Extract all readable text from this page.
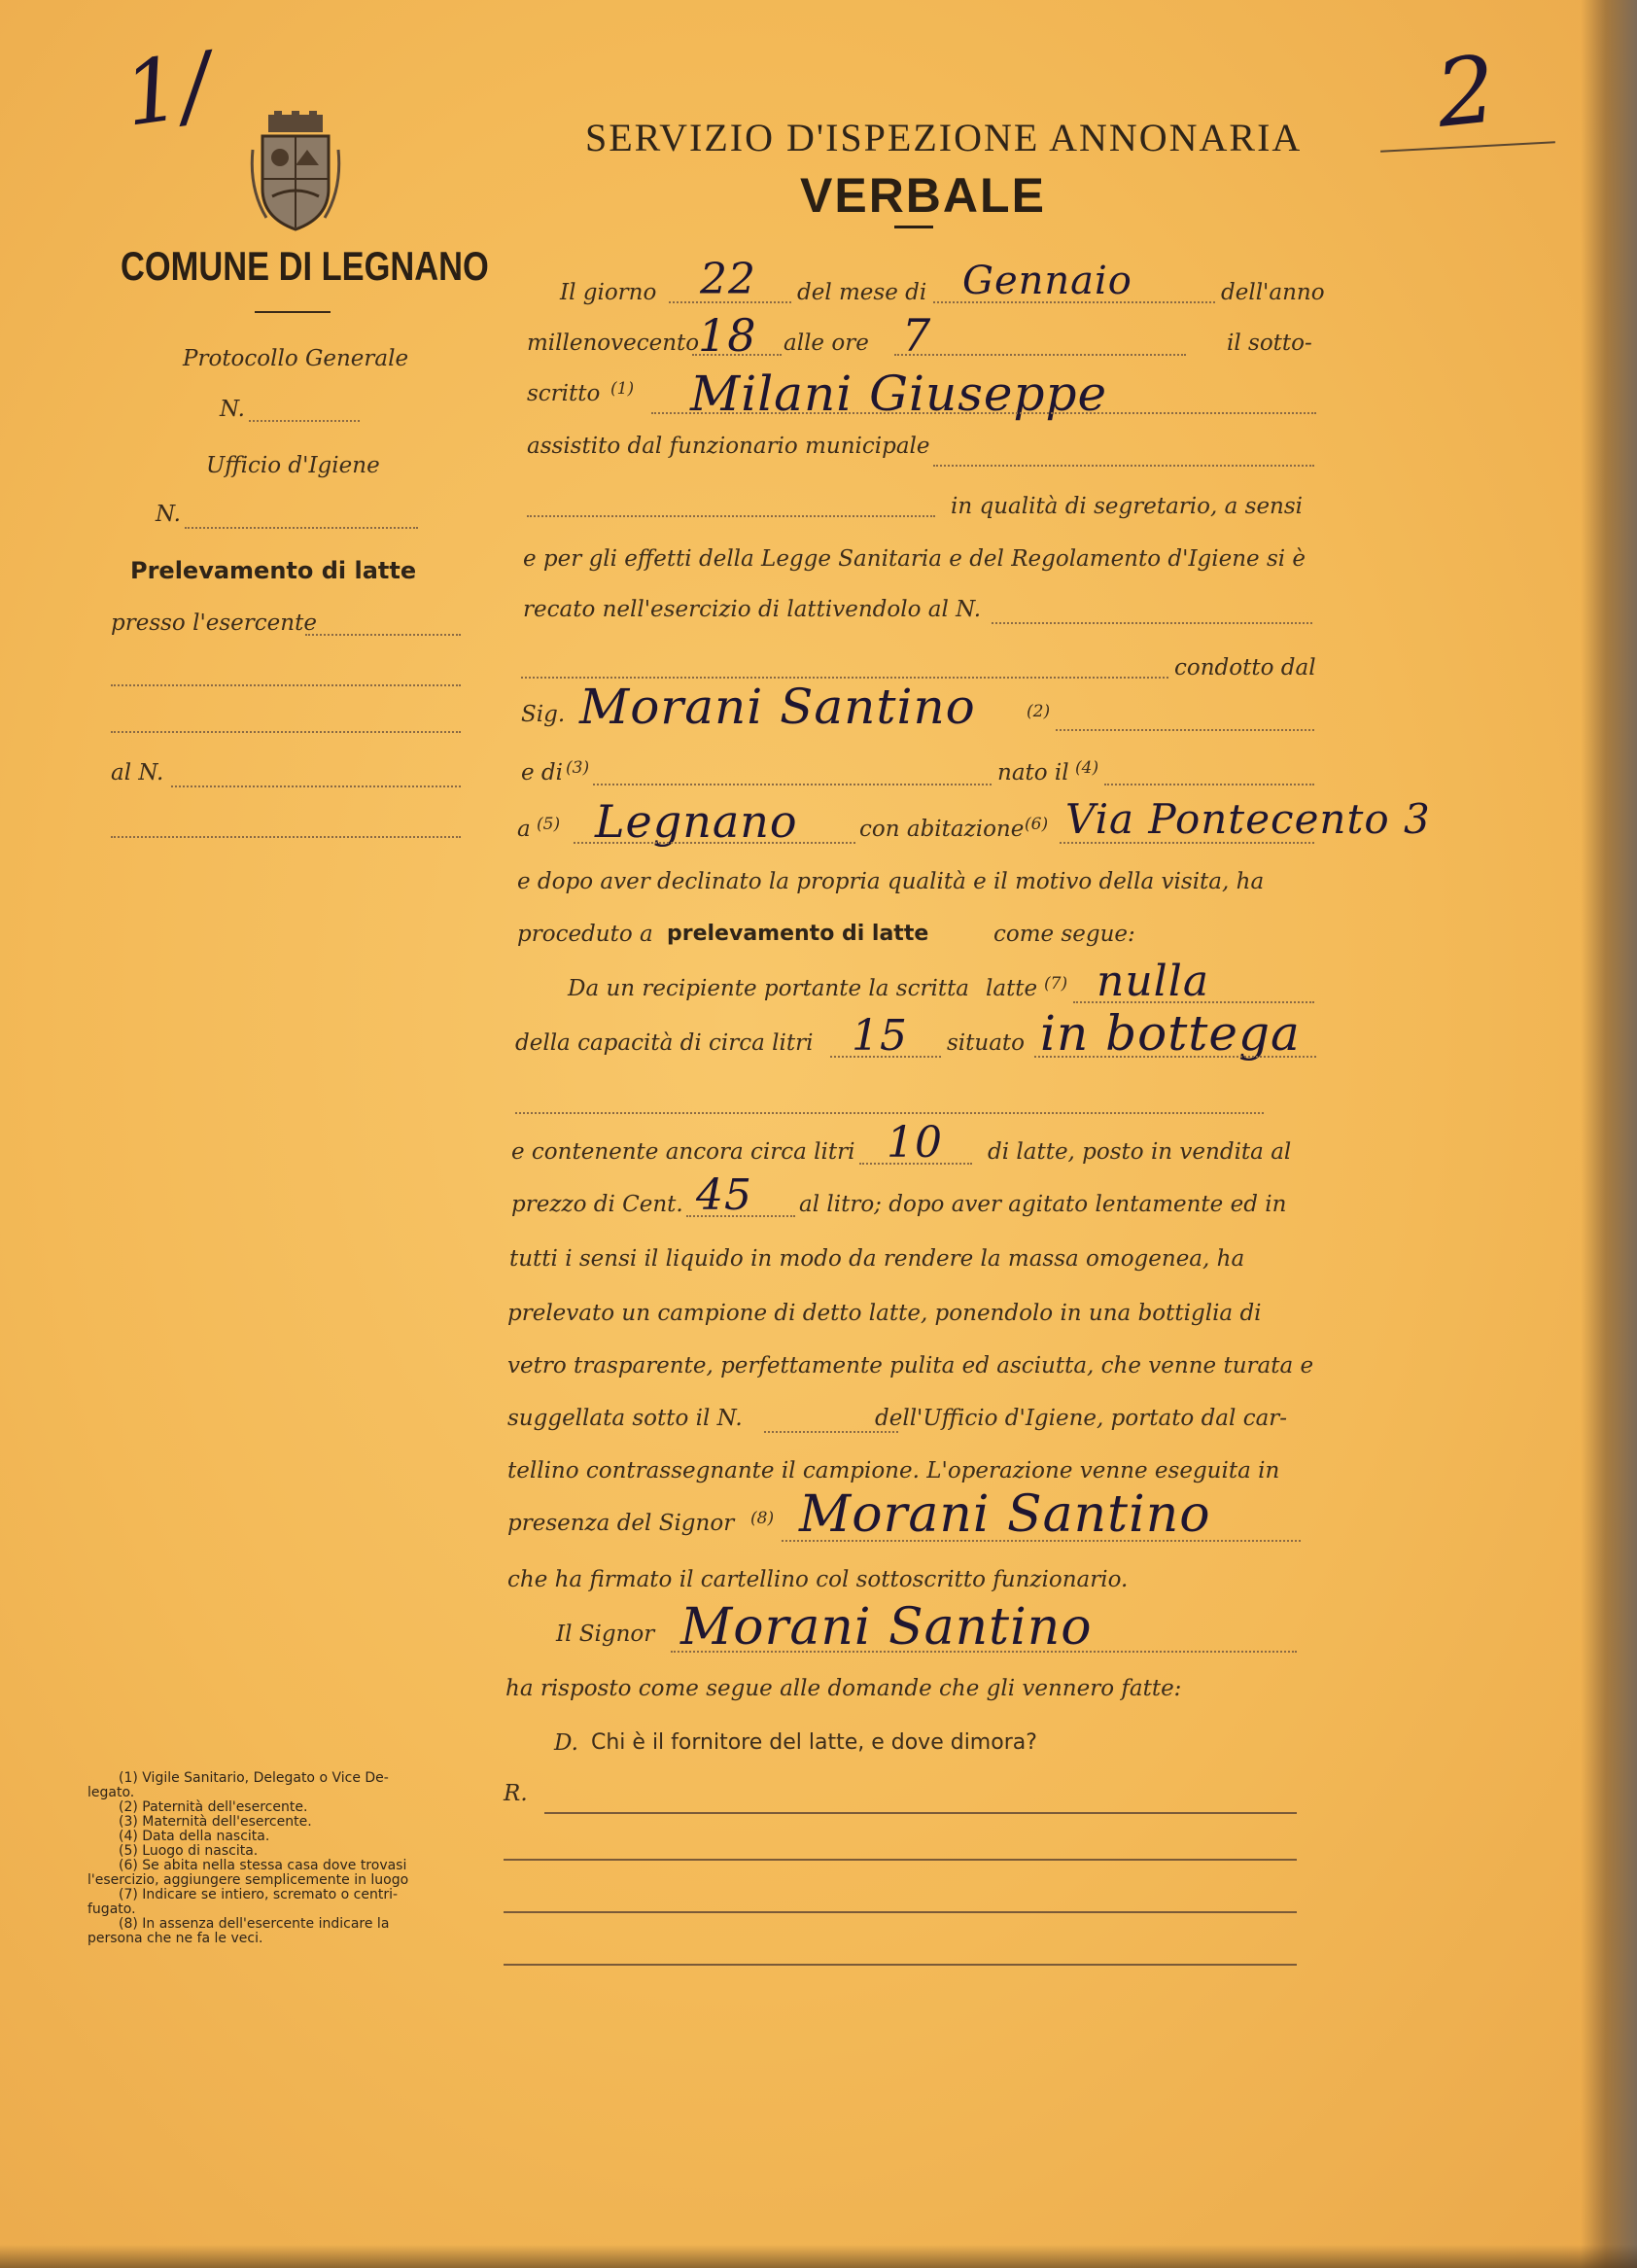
1/	2
COMUNE DI LEGNANO
Protocollo Generale
N.
Ufficio d'Igiene
N.
Prelevamento di latte
presso l'esercente
al N.
SERVIZIO D'ISPEZIONE ANNONARIA
VERBALE
Il giorno 22 del mese di Gennaio	dell'anno
millenovecento
18 alle ore 7	il sotto-
scritto (1) Milani Giuseppe
assistito dal funzionario municipale
in qualità di segretario, a sensi
e per gli effetti della Legge Sanitaria e del Regolamento d'Igiene si è
recato nell'esercizio di lattivendolo al N.
condotto dal
Sig. Morani Santino	(2)
e di (3)	nato il (4)
a (5) Legnano	con abitazione (6) Via Pontecento 3
e dopo aver declinato la propria qualità e il motivo della visita, ha
proceduto a prelevamento di latte	come segue:
Da un recipiente portante la scritta latte (7) nulla
della capacità di circa litri 15 situato in bottega
e contenente ancora circa litri 10 di latte, posto in vendita al
prezzo di Cent. 45 al litro; dopo aver agitato lentamente ed in
tutti i sensi il liquido in modo da rendere la massa omogenea, ha
prelevato un campione di detto latte, ponendolo in una bottiglia di
vetro trasparente, perfettamente pulita ed asciutta, che venne turata e
suggellata sotto il N.	dell'Ufficio d'Igiene, portato dal car-
tellino contrassegnante il campione. L'operazione venne eseguita in
presenza del Signor (8) Morani Santino
che ha firmato il cartellino col sottoscritto funzionario.
Il Signor Morani Santino
ha risposto come segue alle domande che gli vennero fatte:
D. Chi è il fornitore del latte, e dove dimora?
R.
(1) Vigile Sanitario, Delegato o Vice De-
legato.
(2) Paternità dell'esercente.
(3) Maternità dell'esercente.
(4) Data della nascita.
(5) Luogo di nascita.
(6) Se abita nella stessa casa dove trovasi
l'esercizio, aggiungere semplicemente in luogo
(7) Indicare se intiero, scremato o centri-
fugato.
(8) In assenza dell'esercente indicare la
persona che ne fa le veci.
